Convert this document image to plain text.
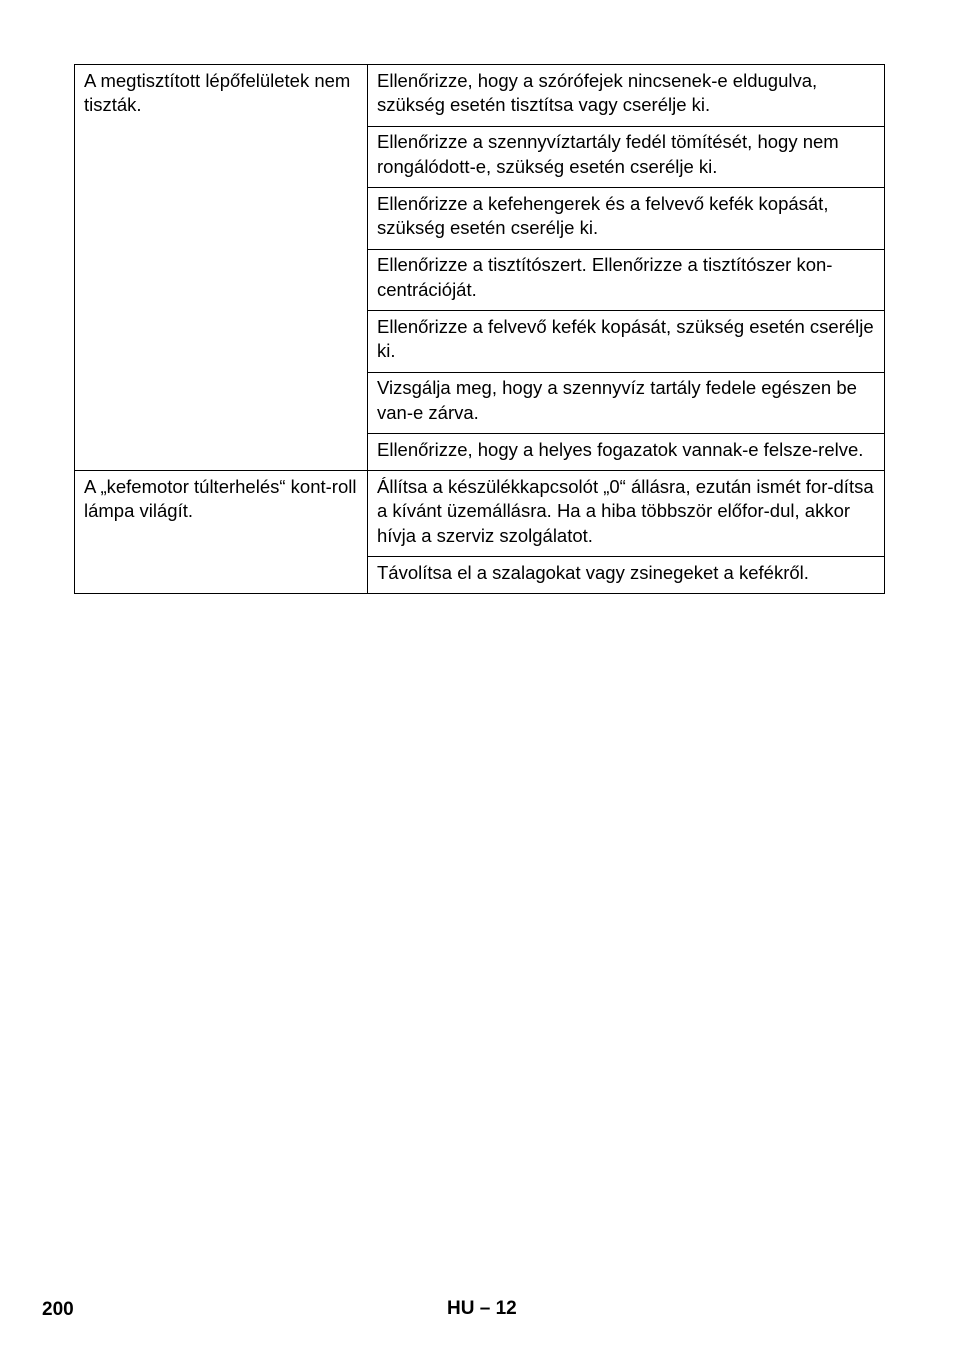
A megtisztított lépőfelületek nem tiszták.	Ellenőrizze, hogy a szórófejek nincsenek-e eldugulva, szükség esetén tisztítsa vagy cserélje ki.
	Ellenőrizze a szennyvíztartály fedél tömítését, hogy nem rongálódott-e, szükség esetén cserélje ki.
	Ellenőrizze a kefehengerek és a felvevő kefék kopását, szükség esetén cserélje ki.
	Ellenőrizze a tisztítószert. Ellenőrizze a tisztítószer kon-centrációját.
	Ellenőrizze a felvevő kefék kopását, szükség esetén cserélje ki.
	Vizsgálja meg, hogy a szennyvíz tartály fedele egészen be van-e zárva.
	Ellenőrizze, hogy a helyes fogazatok vannak-e felsze-relve.
A „kefemotor túlterhelés“ kont-roll lámpa világít.	Állítsa a készülékkapcsolót „0“ állásra, ezután ismét for-dítsa a kívánt üzemállásra. Ha a hiba többször előfor-dul, akkor hívja a szerviz szolgálatot.
	Távolítsa el a szalagokat vagy zsinegeket a kefékről.
200	HU – 12
